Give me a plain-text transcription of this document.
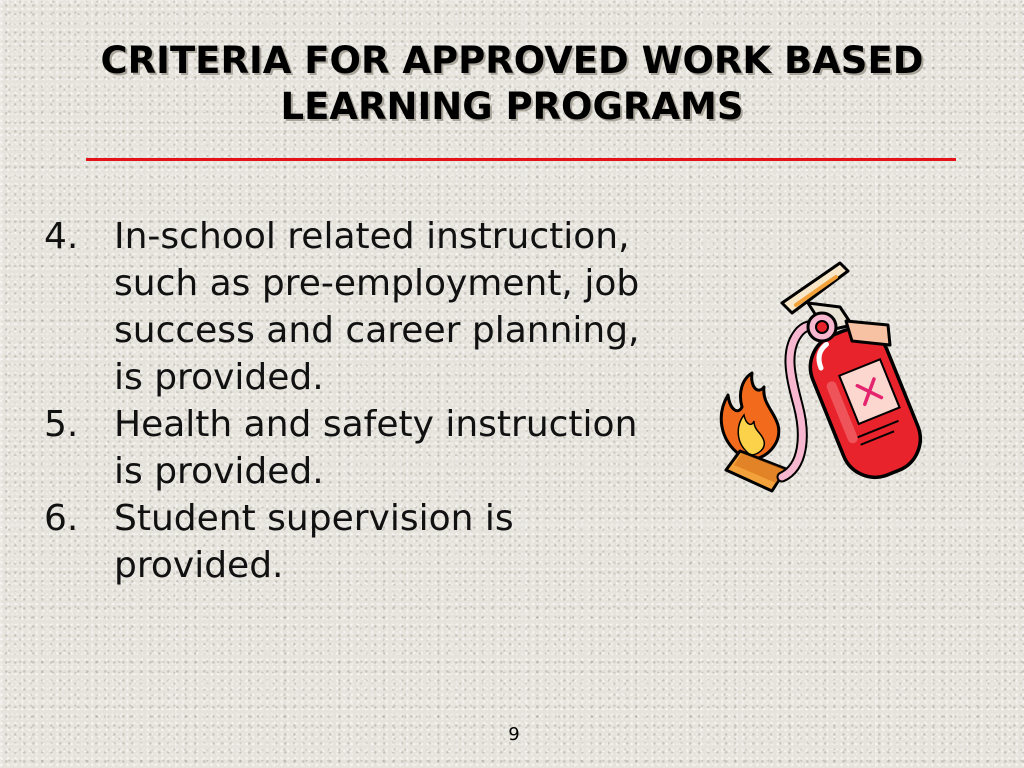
CRITERIA FOR APPROVED WORK BASED
LEARNING PROGRAMS
4. In-school related instruction, such as pre-employment, job success and career planning, is provided.
5. Health and safety instruction is provided.
6. Student supervision is provided.
9
